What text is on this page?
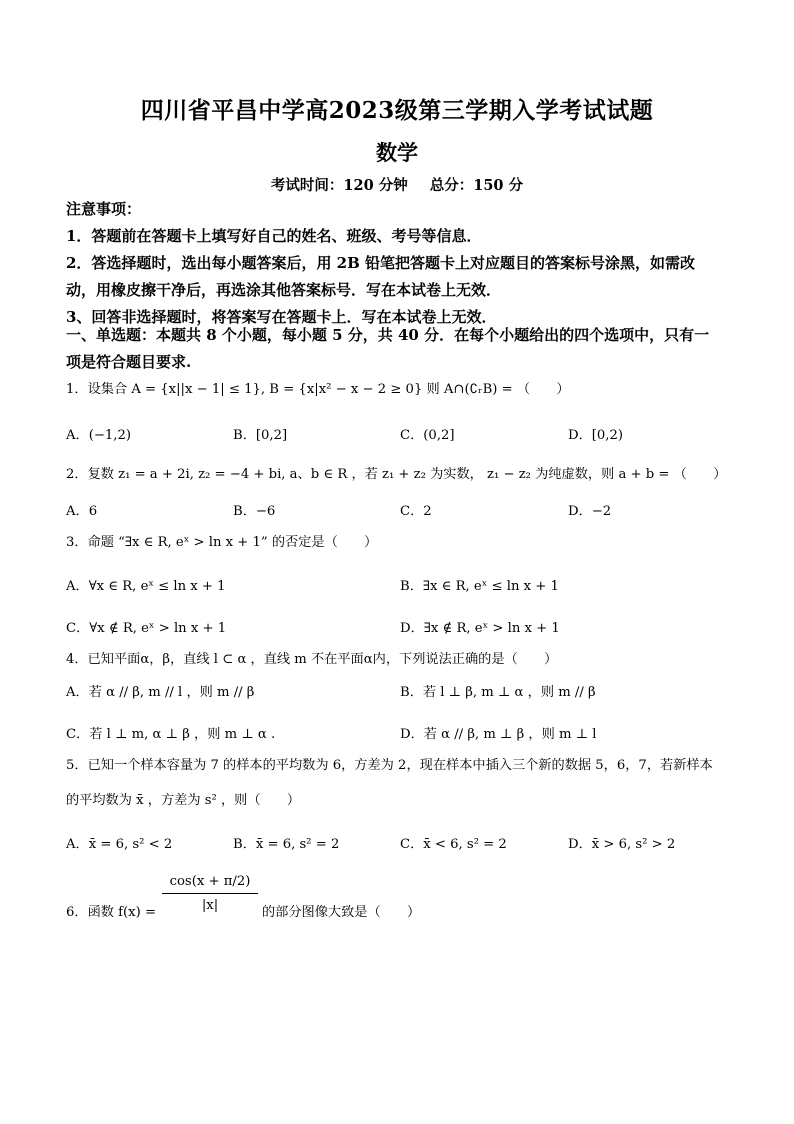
四川省平昌中学高2023级第三学期入学考试试题
数学
考试时间：120 分钟 总分：150 分
注意事项：
1．答题前在答题卡上填写好自己的姓名、班级、考号等信息．
2．答选择题时，选出每小题答案后，用 2B 铅笔把答题卡上对应题目的答案标号涂黑，如需改
动，用橡皮擦干净后，再选涂其他答案标号．写在本试卷上无效．
3、回答非选择题时，将答案写在答题卡上．写在本试卷上无效．
一、单选题：本题共 8 个小题，每小题 5 分，共 40 分．在每个小题给出的四个选项中，只有一
项是符合题目要求.
1．设集合 A = {x||x − 1| ≤ 1}, B = {x|x² − x − 2 ≥ 0} 则 A∩(∁ᵣB) = （　　）
A．(−1,2)	B．[0,2]	C．(0,2]	D．[0,2)
2．复数 z₁ = a + 2i, z₂ = −4 + bi, a、b ∈ R ，若 z₁ + z₂ 为实数， z₁ − z₂ 为纯虚数，则 a + b = （　　）
A．6	B．−6	C．2	D．−2
3．命题 “∃x ∈ R, eˣ > ln x + 1” 的否定是（　　）
A．∀x ∈ R, eˣ ≤ ln x + 1	B．∃x ∈ R, eˣ ≤ ln x + 1
C．∀x ∉ R, eˣ > ln x + 1	D．∃x ∉ R, eˣ > ln x + 1
4．已知平面α，β，直线 l ⊂ α ，直线 m 不在平面α内，下列说法正确的是（　　）
A．若 α // β, m // l ，则 m // β	B．若 l ⊥ β, m ⊥ α ，则 m // β
C．若 l ⊥ m, α ⊥ β ，则 m ⊥ α .	D．若 α // β, m ⊥ β ，则 m ⊥ l
5．已知一个样本容量为 7 的样本的平均数为 6，方差为 2，现在样本中插入三个新的数据 5，6，7，若新样本
的平均数为 x̄ ，方差为 s² ，则（　　）
A．x̄ = 6, s² < 2	B．x̄ = 6, s² = 2	C．x̄ < 6, s² = 2	D．x̄ > 6, s² > 2
6．函数 f(x) =
cos(x + π/2)
|x|	的部分图像大致是（　　）
